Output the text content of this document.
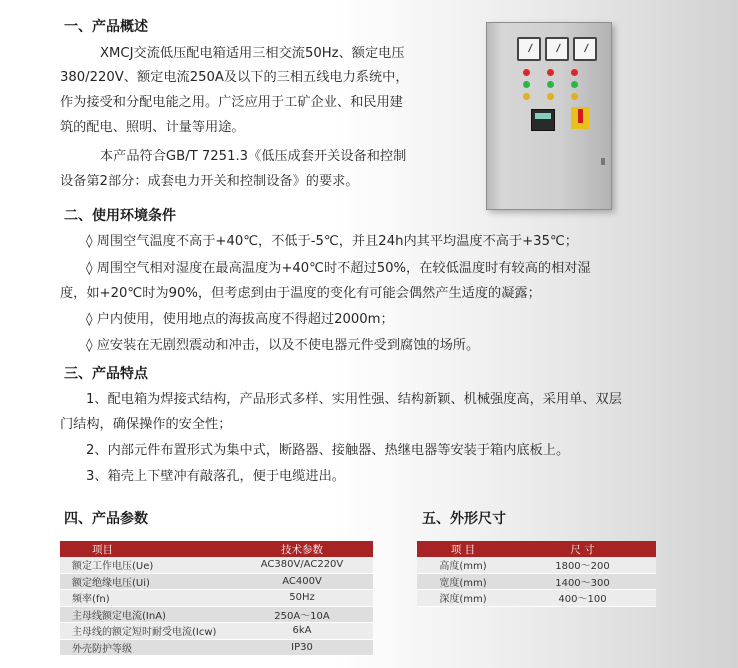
一、产品概述
XMCJ交流低压配电箱适用三相交流50Hz、额定电压
380/220V、额定电流250A及以下的三相五线电力系统中，
作为接受和分配电能之用。广泛应用于工矿企业、和民用建
筑的配电、照明、计量等用途。
本产品符合GB/T 7251.3《低压成套开关设备和控制
设备第2部分：成套电力开关和控制设备》的要求。
二、使用环境条件
◊ 周围空气温度不高于+40℃，不低于-5℃，并且24h内其平均温度不高于+35℃；
◊ 周围空气相对湿度在最高温度为+40℃时不超过50%，在较低温度时有较高的相对湿
度，如+20℃时为90%，但考虑到由于温度的变化有可能会偶然产生适度的凝露；
◊ 户内使用，使用地点的海拔高度不得超过2000m；
◊ 应安装在无剧烈震动和冲击，以及不使电器元件受到腐蚀的场所。
三、产品特点
1、配电箱为焊接式结构，产品形式多样、实用性强、结构新颖、机械强度高，采用单、双层
门结构，确保操作的安全性；
2、内部元件布置形式为集中式，断路器、接触器、热继电器等安装于箱内底板上。
3、箱壳上下壁冲有敲落孔，便于电缆进出。
四、产品参数
项目	技术参数
额定工作电压(Ue)	AC380V/AC220V
额定绝缘电压(Ui)	AC400V
频率(fn)	50Hz
主母线额定电流(InA)	250A～10A
主母线的额定短时耐受电流(Icw)	6kA
外壳防护等级	IP30
五、外形尺寸
项 目	尺 寸
高度(mm)	1800～200
宽度(mm)	1400～300
深度(mm)	400～100
